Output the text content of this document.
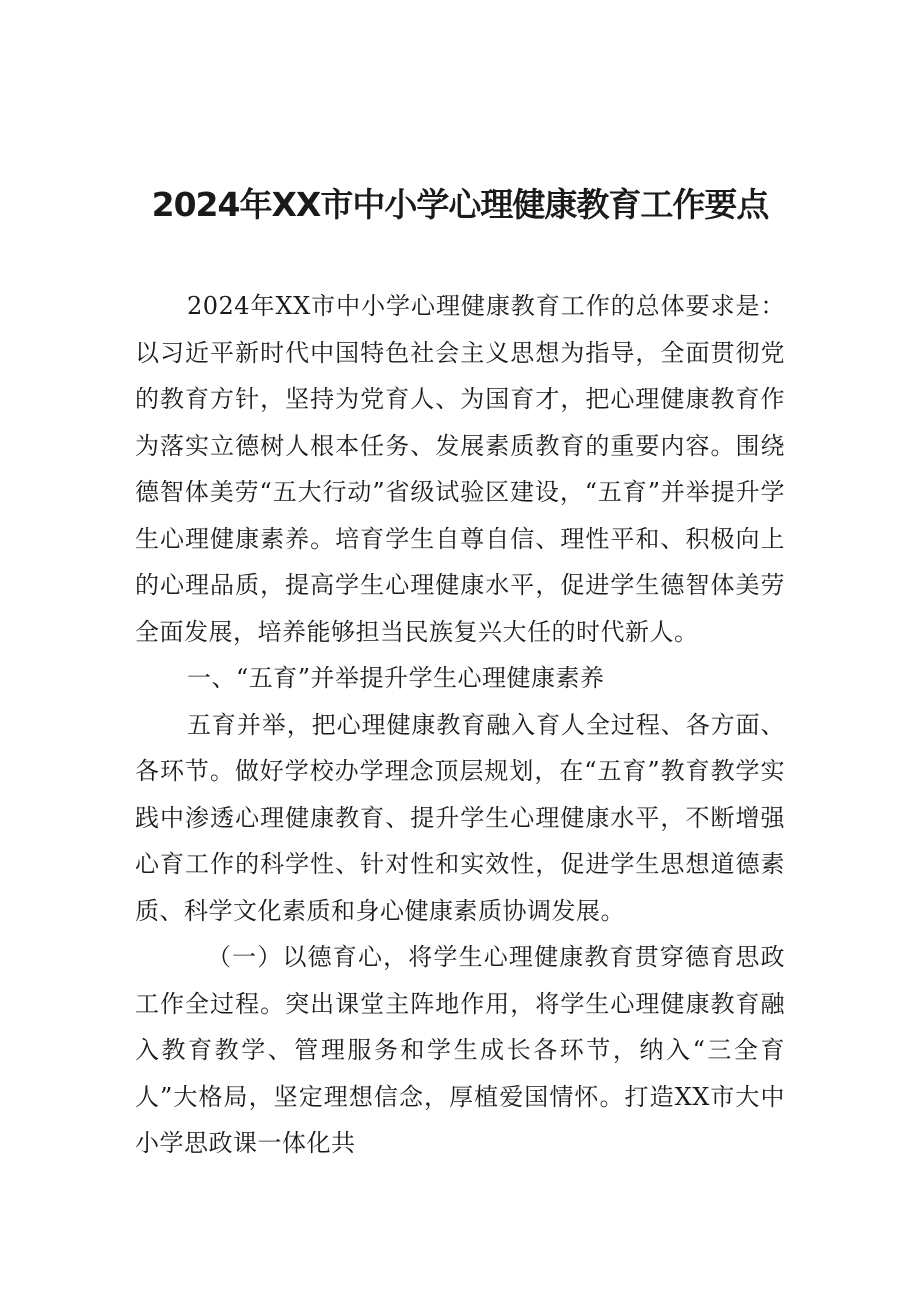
2024年XX市中小学心理健康教育工作要点

2024年XX市中小学心理健康教育工作的总体要求是：以习近平新时代中国特色社会主义思想为指导，全面贯彻党的教育方针，坚持为党育人、为国育才，把心理健康教育作为落实立德树人根本任务、发展素质教育的重要内容。围绕德智体美劳“五大行动”省级试验区建设，“五育”并举提升学生心理健康素养。培育学生自尊自信、理性平和、积极向上的心理品质，提高学生心理健康水平，促进学生德智体美劳全面发展，培养能够担当民族复兴大任的时代新人。

一、“五育”并举提升学生心理健康素养

五育并举，把心理健康教育融入育人全过程、各方面、各环节。做好学校办学理念顶层规划，在“五育”教育教学实践中渗透心理健康教育、提升学生心理健康水平，不断增强心育工作的科学性、针对性和实效性，促进学生思想道德素质、科学文化素质和身心健康素质协调发展。

（一）以德育心，将学生心理健康教育贯穿德育思政工作全过程。突出课堂主阵地作用，将学生心理健康教育融入教育教学、管理服务和学生成长各环节，纳入“三全育人”大格局，坚定理想信念，厚植爱国情怀。打造XX市大中小学思政课一体化共
